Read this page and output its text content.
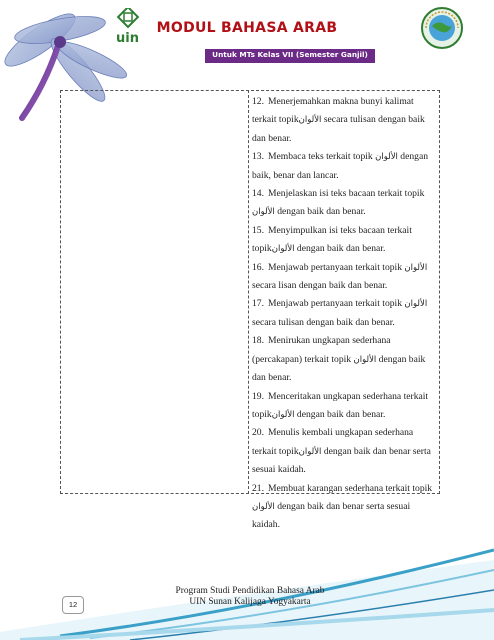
uin
MODUL BAHASA ARAB
Untuk MTs Kelas VII (Semester Ganjil)

12. Menerjemahkan makna bunyi kalimat terkait topikالألوان secara tulisan dengan baik dan benar.

13. Membaca teks terkait topik الألوان dengan baik, benar dan lancar.

14. Menjelaskan isi teks bacaan terkait topik الألوان dengan baik dan benar.

15. Menyimpulkan isi teks bacaan terkait topikالألوان dengan baik dan benar.

16. Menjawab pertanyaan terkait topik الألوان secara lisan dengan baik dan benar.

17. Menjawab pertanyaan terkait topik الألوان secara tulisan dengan baik dan benar.

18. Menirukan ungkapan sederhana (percakapan) terkait topik الألوان dengan baik dan benar.

19. Menceritakan ungkapan sederhana terkait topikالألوان dengan baik dan benar.

20. Menulis kembali ungkapan sederhana terkait topikالألوان dengan baik dan benar serta sesuai kaidah.

21. Membuat karangan sederhana terkait topik الألوان dengan baik dan benar serta sesuai kaidah.

Program Studi Pendidikan Bahasa Arab
UIN Sunan Kalijaga Yogyakarta
12
